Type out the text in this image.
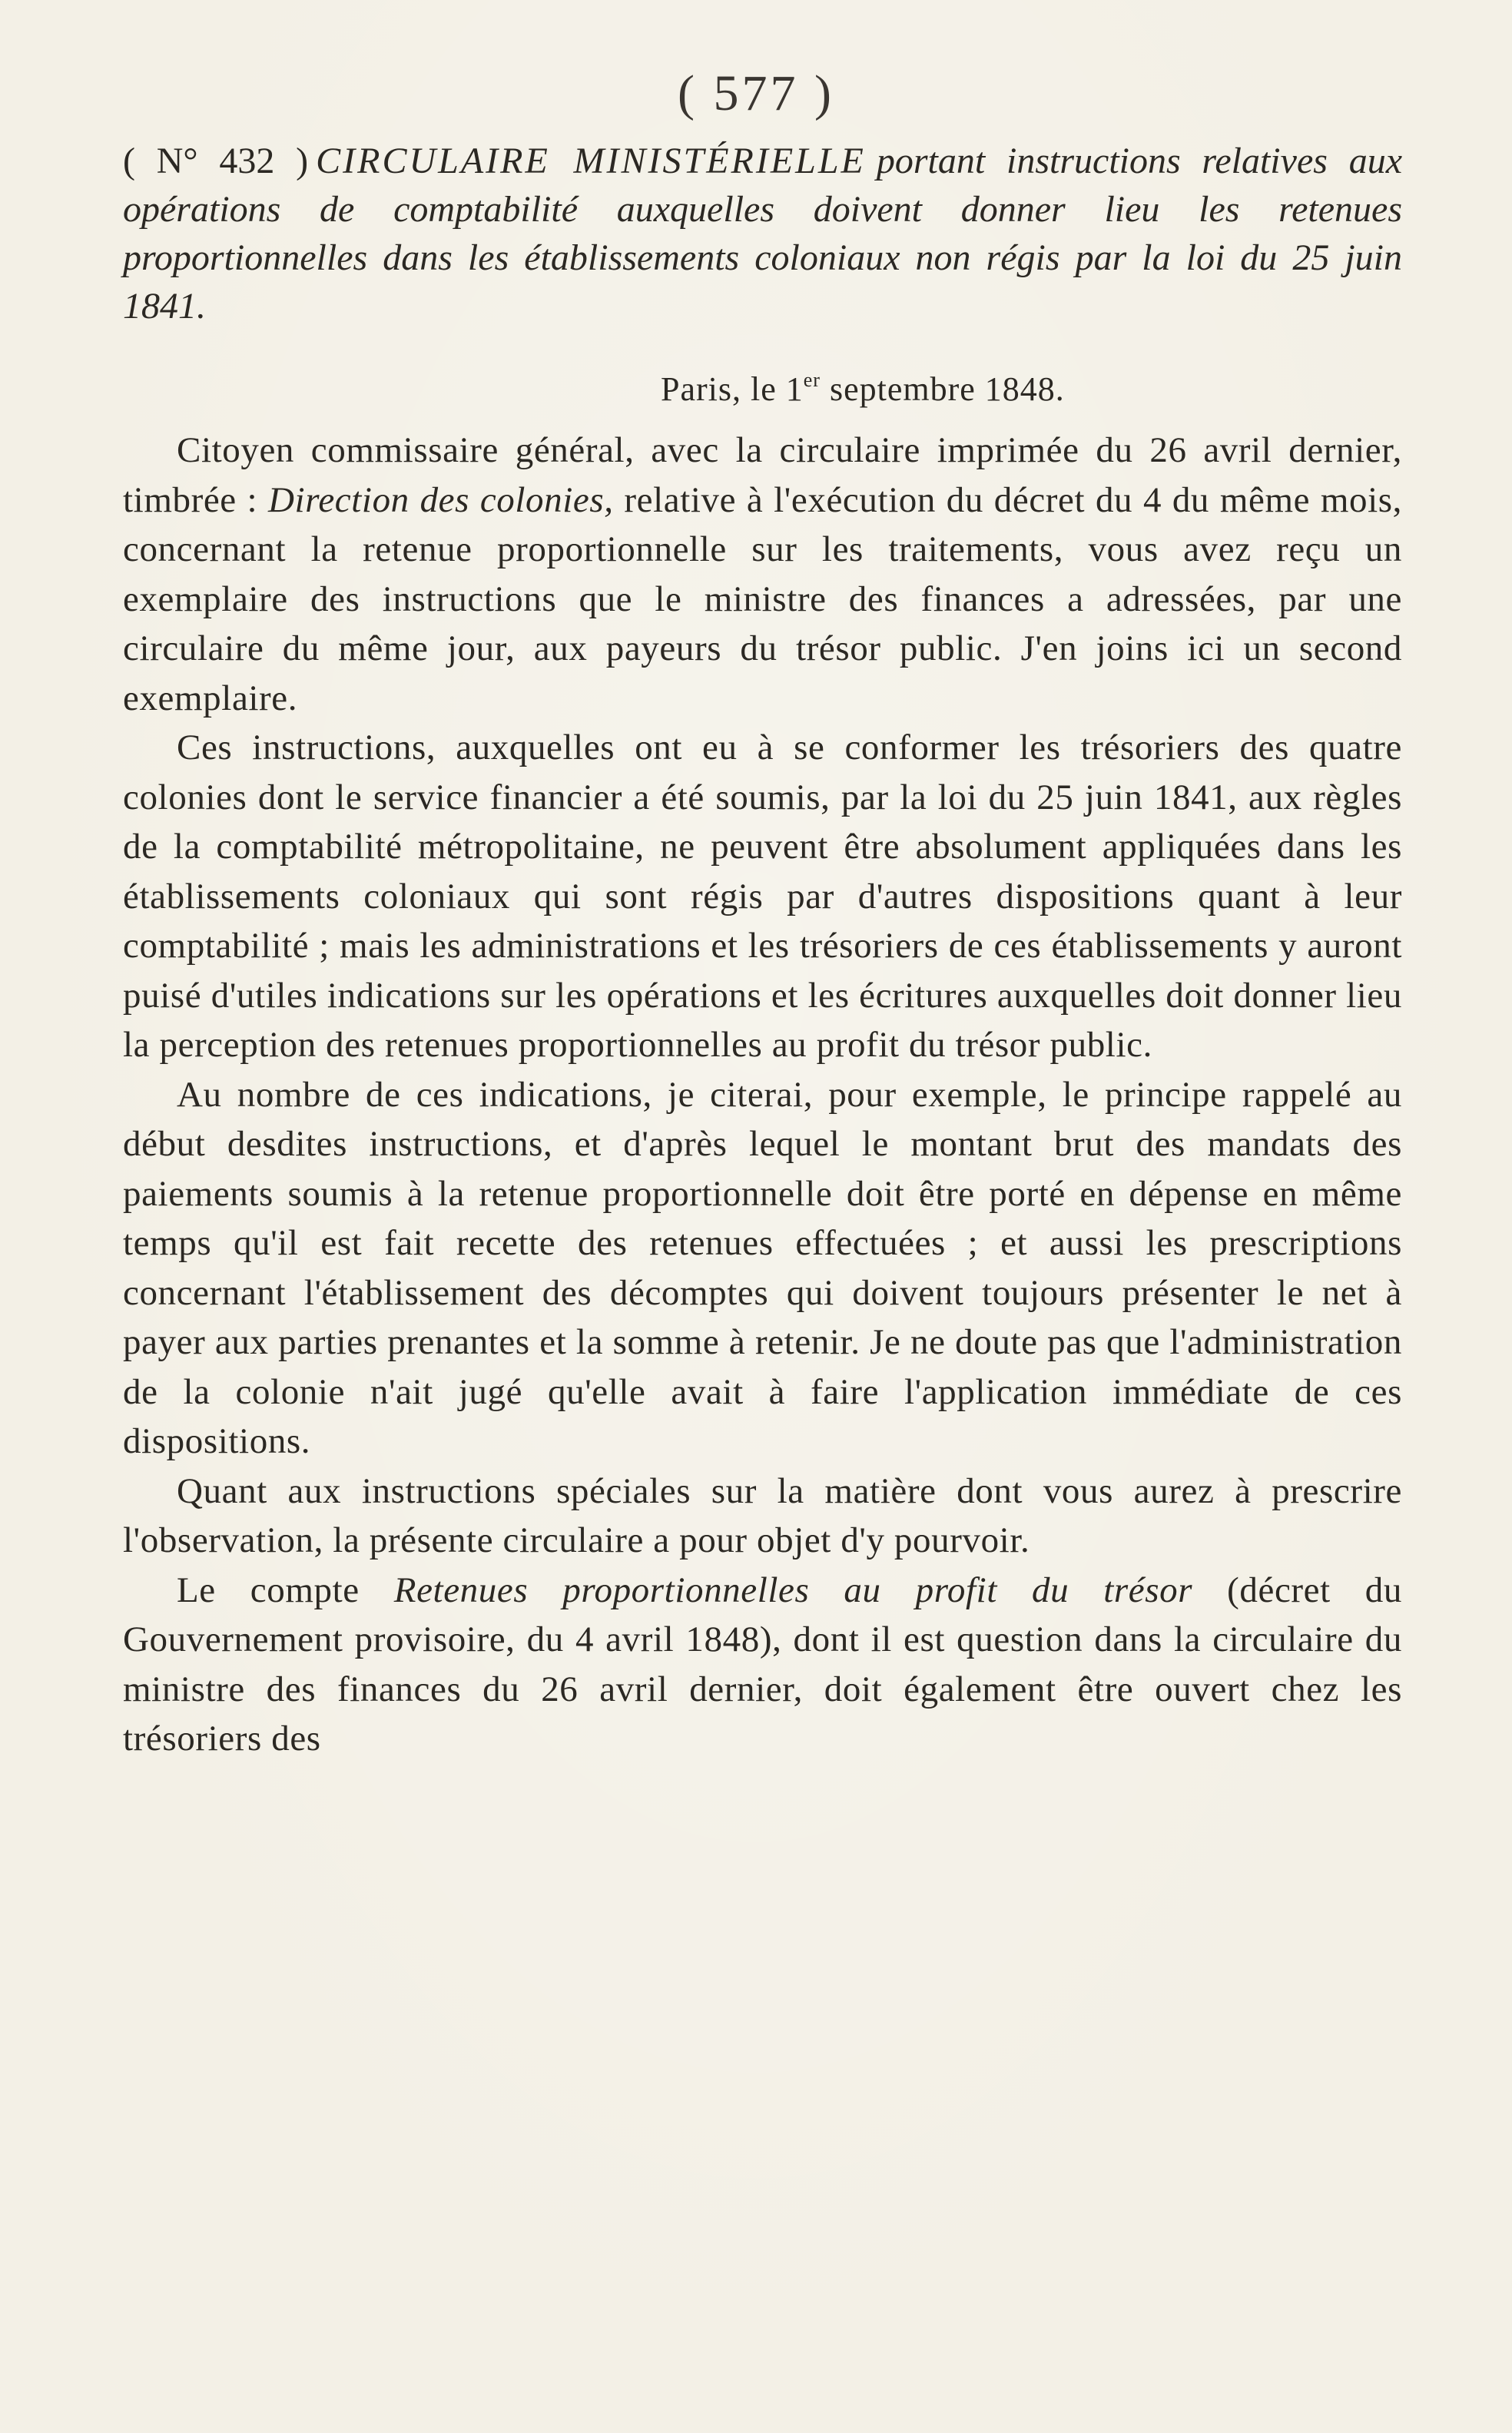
( 577 )
( N° 432 ) CIRCULAIRE MINISTÉRIELLE portant instructions relatives aux opérations de comptabilité auxquelles doivent donner lieu les retenues proportionnelles dans les établissements coloniaux non régis par la loi du 25 juin 1841.
Paris, le 1er septembre 1848.

Citoyen commissaire général, avec la circulaire imprimée du 26 avril dernier, timbrée : Direction des colonies, relative à l'exécution du décret du 4 du même mois, concernant la retenue proportionnelle sur les traitements, vous avez reçu un exemplaire des instructions que le ministre des finances a adressées, par une circulaire du même jour, aux payeurs du trésor public. J'en joins ici un second exemplaire.

Ces instructions, auxquelles ont eu à se conformer les trésoriers des quatre colonies dont le service financier a été soumis, par la loi du 25 juin 1841, aux règles de la comptabilité métropolitaine, ne peuvent être absolument appliquées dans les établissements coloniaux qui sont régis par d'autres dispositions quant à leur comptabilité ; mais les administrations et les trésoriers de ces établissements y auront puisé d'utiles indications sur les opérations et les écritures auxquelles doit donner lieu la perception des retenues proportionnelles au profit du trésor public.

Au nombre de ces indications, je citerai, pour exemple, le principe rappelé au début desdites instructions, et d'après lequel le montant brut des mandats des paiements soumis à la retenue proportionnelle doit être porté en dépense en même temps qu'il est fait recette des retenues effectuées ; et aussi les prescriptions concernant l'établissement des décomptes qui doivent toujours présenter le net à payer aux parties prenantes et la somme à retenir. Je ne doute pas que l'administration de la colonie n'ait jugé qu'elle avait à faire l'application immédiate de ces dispositions.

Quant aux instructions spéciales sur la matière dont vous aurez à prescrire l'observation, la présente circulaire a pour objet d'y pourvoir.

Le compte Retenues proportionnelles au profit du trésor (décret du Gouvernement provisoire, du 4 avril 1848), dont il est question dans la circulaire du ministre des finances du 26 avril dernier, doit également être ouvert chez les trésoriers des
